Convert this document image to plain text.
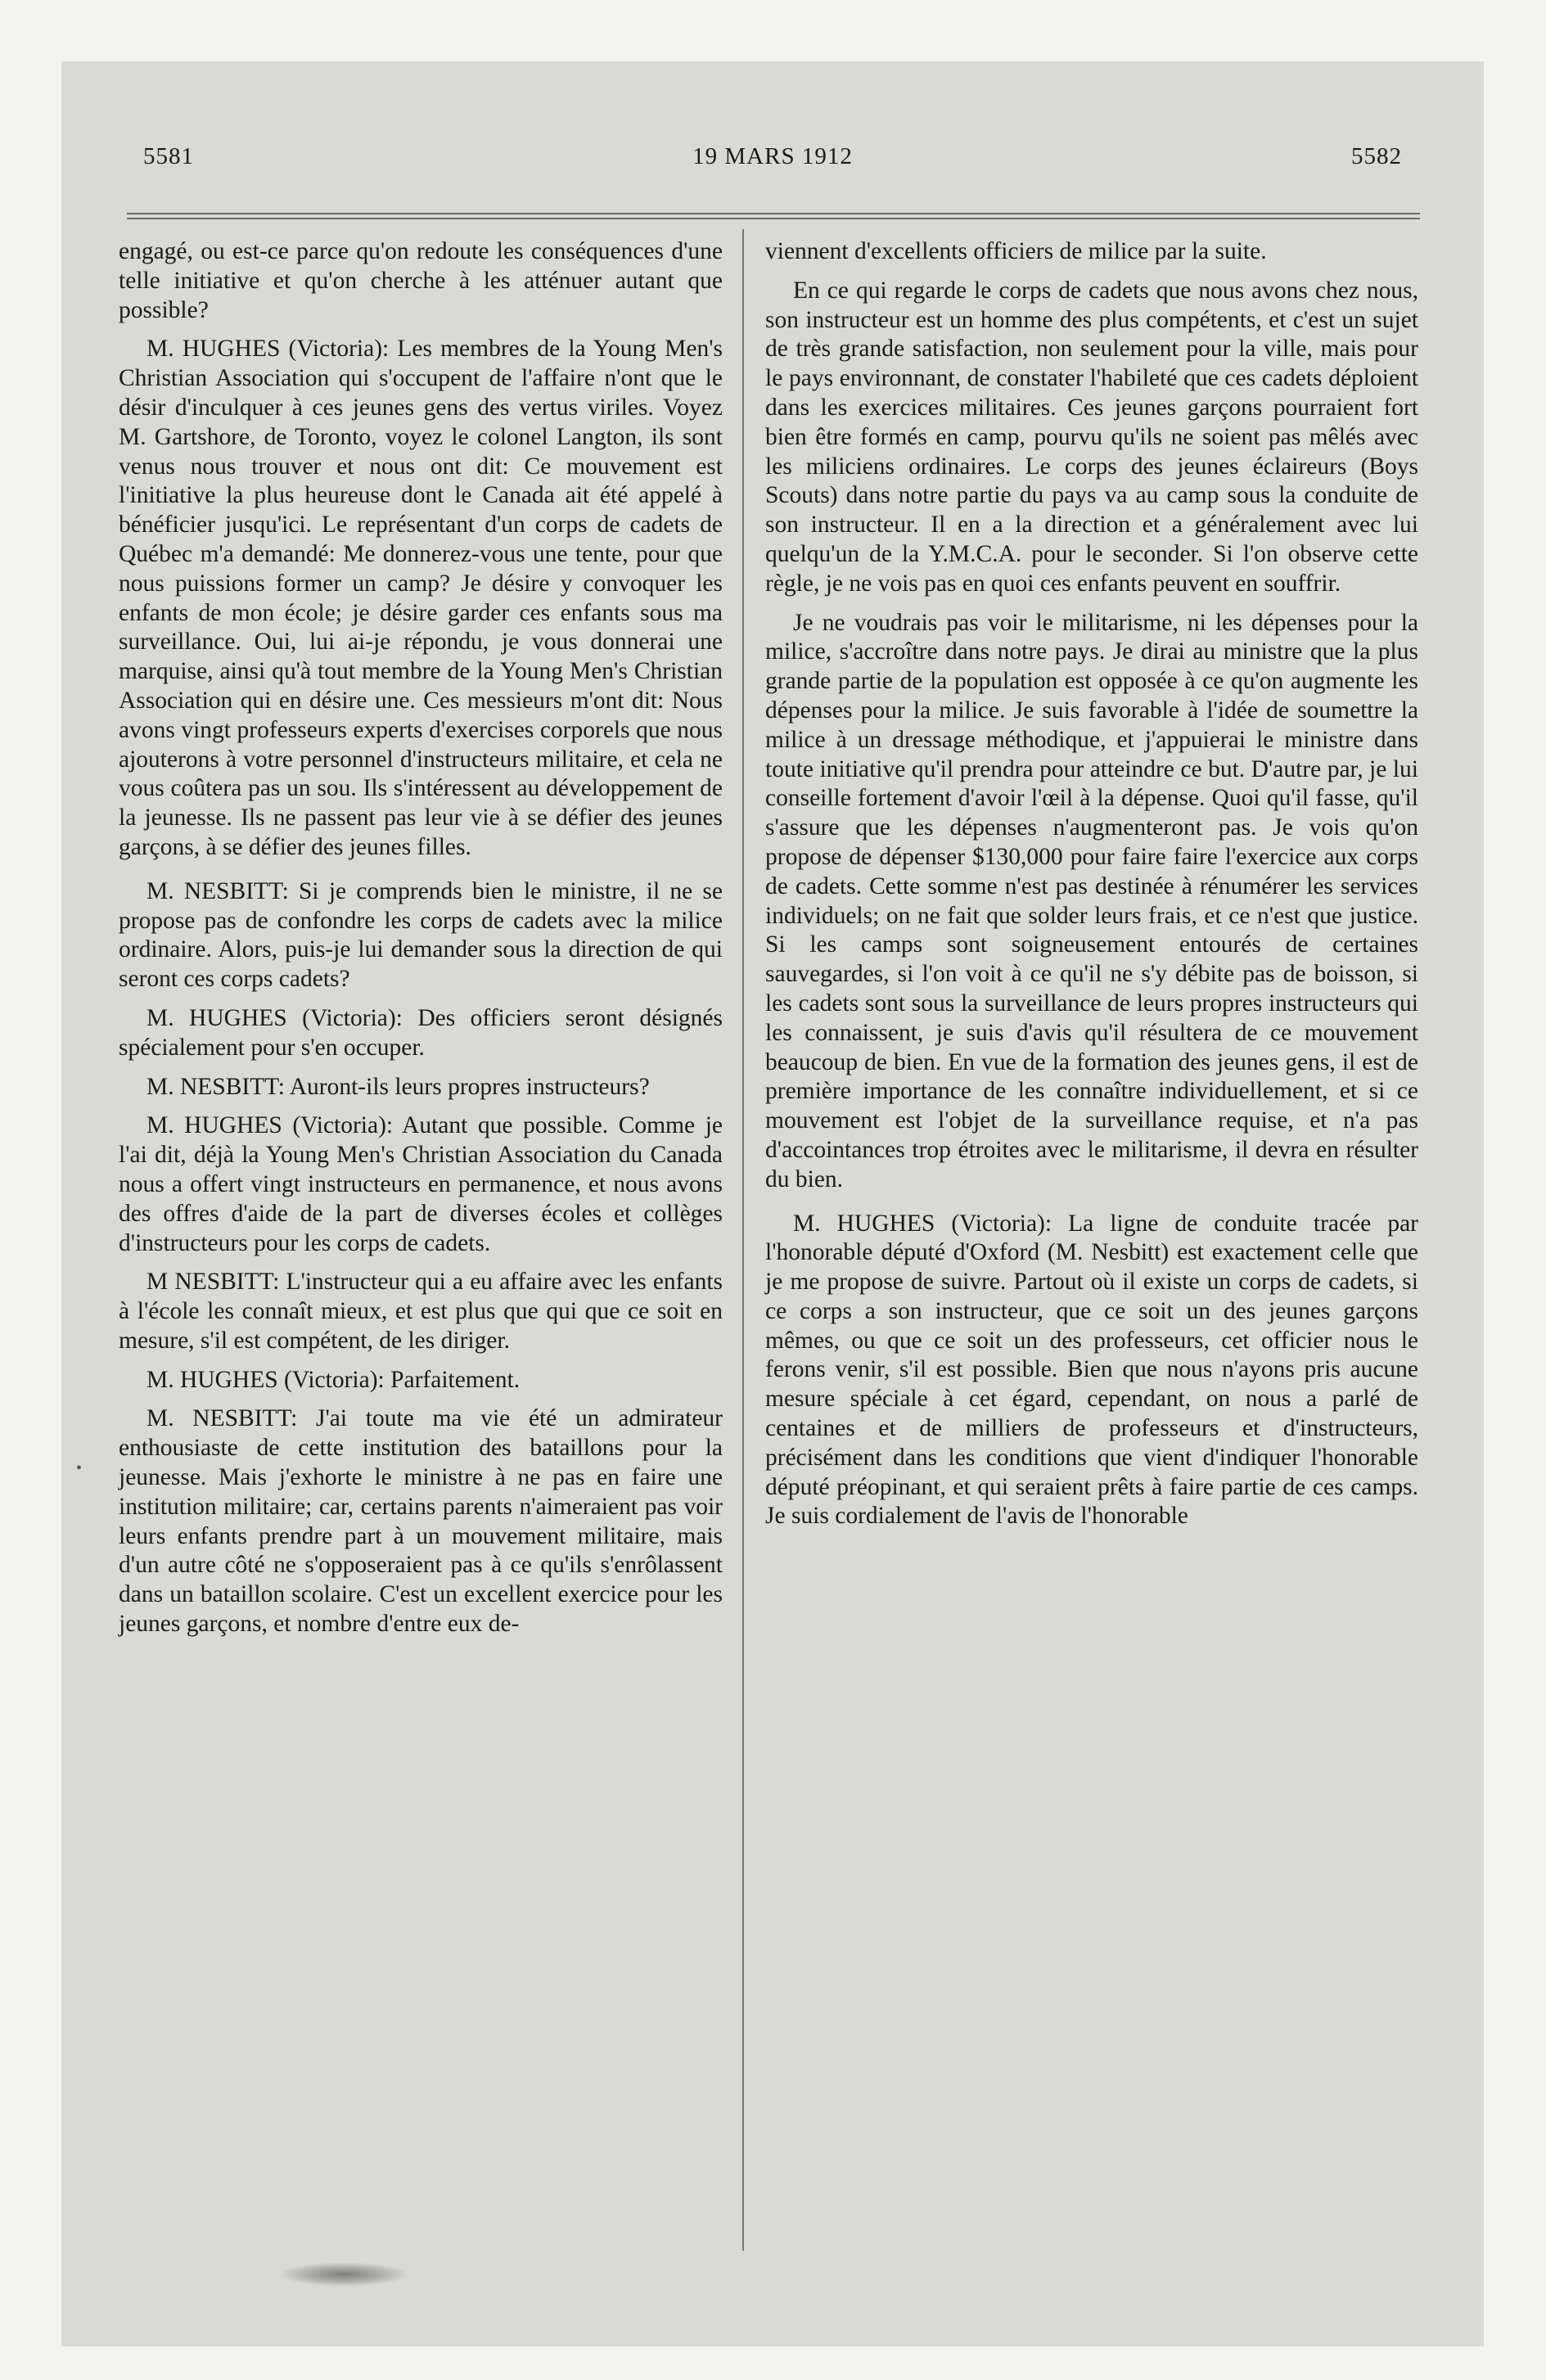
5581	19 MARS 1912	5582

engagé, ou est-ce parce qu'on redoute les conséquences d'une telle initiative et qu'on cherche à les atténuer autant que possible?

M. HUGHES (Victoria): Les membres de la Young Men's Christian Association qui s'occupent de l'affaire n'ont que le désir d'inculquer à ces jeunes gens des vertus viriles. Voyez M. Gartshore, de Toronto, voyez le colonel Langton, ils sont venus nous trouver et nous ont dit: Ce mouvement est l'initiative la plus heureuse dont le Canada ait été appelé à bénéficier jusqu'ici. Le représentant d'un corps de cadets de Québec m'a demandé: Me donnerez-vous une tente, pour que nous puissions former un camp? Je désire y convoquer les enfants de mon école; je désire garder ces enfants sous ma surveillance. Oui, lui ai-je répondu, je vous donnerai une marquise, ainsi qu'à tout membre de la Young Men's Christian Association qui en désire une. Ces messieurs m'ont dit: Nous avons vingt professeurs experts d'exercises corporels que nous ajouterons à votre personnel d'instructeurs militaire, et cela ne vous coûtera pas un sou. Ils s'intéressent au développement de la jeunesse. Ils ne passent pas leur vie à se défier des jeunes garçons, à se défier des jeunes filles.

M. NESBITT: Si je comprends bien le ministre, il ne se propose pas de confondre les corps de cadets avec la milice ordinaire. Alors, puis-je lui demander sous la direction de qui seront ces corps cadets?

M. HUGHES (Victoria): Des officiers seront désignés spécialement pour s'en occuper.

M. NESBITT: Auront-ils leurs propres instructeurs?

M. HUGHES (Victoria): Autant que possible. Comme je l'ai dit, déjà la Young Men's Christian Association du Canada nous a offert vingt instructeurs en permanence, et nous avons des offres d'aide de la part de diverses écoles et collèges d'instructeurs pour les corps de cadets.

M NESBITT: L'instructeur qui a eu affaire avec les enfants à l'école les connaît mieux, et est plus que qui que ce soit en mesure, s'il est compétent, de les diriger.

M. HUGHES (Victoria): Parfaitement.

M. NESBITT: J'ai toute ma vie été un admirateur enthousiaste de cette institution des bataillons pour la jeunesse. Mais j'exhorte le ministre à ne pas en faire une institution militaire; car, certains parents n'aimeraient pas voir leurs enfants prendre part à un mouvement militaire, mais d'un autre côté ne s'opposeraient pas à ce qu'ils s'enrôlassent dans un bataillon scolaire. C'est un excellent exercice pour les jeunes garçons, et nombre d'entre eux de-

viennent d'excellents officiers de milice par la suite.

En ce qui regarde le corps de cadets que nous avons chez nous, son instructeur est un homme des plus compétents, et c'est un sujet de très grande satisfaction, non seulement pour la ville, mais pour le pays environnant, de constater l'habileté que ces cadets déploient dans les exercices militaires. Ces jeunes garçons pourraient fort bien être formés en camp, pourvu qu'ils ne soient pas mêlés avec les miliciens ordinaires. Le corps des jeunes éclaireurs (Boys Scouts) dans notre partie du pays va au camp sous la conduite de son instructeur. Il en a la direction et a généralement avec lui quelqu'un de la Y.M.C.A. pour le seconder. Si l'on observe cette règle, je ne vois pas en quoi ces enfants peuvent en souffrir.

Je ne voudrais pas voir le militarisme, ni les dépenses pour la milice, s'accroître dans notre pays. Je dirai au ministre que la plus grande partie de la population est opposée à ce qu'on augmente les dépenses pour la milice. Je suis favorable à l'idée de soumettre la milice à un dressage méthodique, et j'appuierai le ministre dans toute initiative qu'il prendra pour atteindre ce but. D'autre par, je lui conseille fortement d'avoir l'œil à la dépense. Quoi qu'il fasse, qu'il s'assure que les dépenses n'augmenteront pas. Je vois qu'on propose de dépenser $130,000 pour faire faire l'exercice aux corps de cadets. Cette somme n'est pas destinée à rénumérer les services individuels; on ne fait que solder leurs frais, et ce n'est que justice. Si les camps sont soigneusement entourés de certaines sauvegardes, si l'on voit à ce qu'il ne s'y débite pas de boisson, si les cadets sont sous la surveillance de leurs propres instructeurs qui les connaissent, je suis d'avis qu'il résultera de ce mouvement beaucoup de bien. En vue de la formation des jeunes gens, il est de première importance de les connaître individuellement, et si ce mouvement est l'objet de la surveillance requise, et n'a pas d'accointances trop étroites avec le militarisme, il devra en résulter du bien.

M. HUGHES (Victoria): La ligne de conduite tracée par l'honorable député d'Oxford (M. Nesbitt) est exactement celle que je me propose de suivre. Partout où il existe un corps de cadets, si ce corps a son instructeur, que ce soit un des jeunes garçons mêmes, ou que ce soit un des professeurs, cet officier nous le ferons venir, s'il est possible. Bien que nous n'ayons pris aucune mesure spéciale à cet égard, cependant, on nous a parlé de centaines et de milliers de professeurs et d'instructeurs, précisément dans les conditions que vient d'indiquer l'honorable député préopinant, et qui seraient prêts à faire partie de ces camps. Je suis cordialement de l'avis de l'honorable

•
